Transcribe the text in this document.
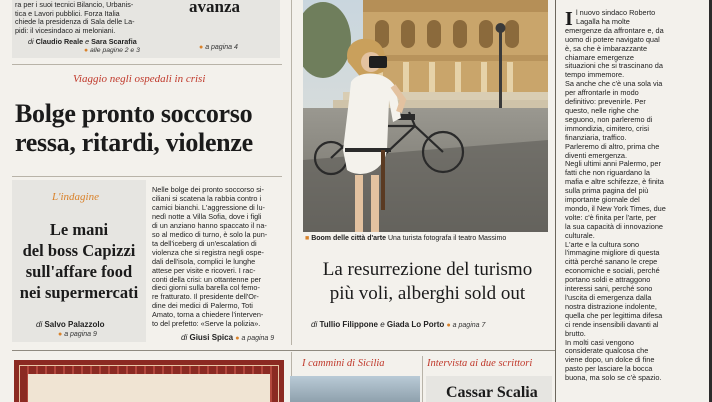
ra per i suoi tecnici Bilancio, Urbanis-
tica e Lavori pubblici. Forza Italia
chiede la presidenza di Sala delle La-
pidi: il vicesindaco ai meloniani.
di Claudio Reale e Sara Scarafia
● alle pagine 2 e 3
avanza
● a pagina 4
Viaggio negli ospedali in crisi
Bolge pronto soccorso
ressa, ritardi, violenze
L'indagine
Le mani
del boss Capizzi
sull'affare food
nei supermercati
di Salvo Palazzolo
● a pagina 9
Nelle bolge dei pronto soccorso si-
ciliani si scatena la rabbia contro i
camici bianchi. L'aggressione di lu-
nedì notte a Villa Sofia, dove i figli
di un anziano hanno spaccato il na-
so al medico di turno, è solo la pun-
ta dell'iceberg di un'escalation di
violenza che si registra negli ospe-
dali dell'isola, complici le lunghe
attese per visite e ricoveri. I rac-
conti della crisi: un ottantenne per
dieci giorni sulla barella col femo-
re fratturato. Il presidente dell'Or-
dine dei medici di Palermo, Toti
Amato, torna a chiedere l'interven-
to del prefetto: «Serve la polizia».
di Giusi Spica ● a pagina 9
■ Boom delle città d'arte Una turista fotografa il teatro Massimo
La resurrezione del turismo
più voli, alberghi sold out
di Tullio Filippone e Giada Lo Porto ● a pagina 7
I cammini di Sicilia	Intervista ai due scrittori
Cassar Scalia
I l nuovo sindaco Roberto
Lagalla ha molte
emergenze da affrontare e, da
uomo di potere navigato qual
è, sa che è imbarazzante
chiamare emergenze
situazioni che si trascinano da
tempo immemore.
Sa anche che c'è una sola via
per affrontarle in modo
definitivo: prevenirle. Per
questo, nelle righe che
seguono, non parleremo di
immondizia, cimitero, crisi
finanziaria, traffico.
Parleremo di altro, prima che
diventi emergenza.
Negli ultimi anni Palermo, per
fatti che non riguardano la
mafia e altre schifezze, è finita
sulla prima pagina del più
importante giornale del
mondo, il New York Times, due
volte: c'è finita per l'arte, per
la sua capacità di innovazione
culturale.
L'arte e la cultura sono
l'immagine migliore di questa
città perché sanano le crepe
economiche e sociali, perché
portano soldi e attraggono
interessi sani, perché sono
l'uscita di emergenza dalla
nostra distrazione indolente,
quella che per legittima difesa
ci rende insensibili davanti al
brutto.
In molti casi vengono
considerate qualcosa che
viene dopo, un dolce di fine
pasto per lasciare la bocca
buona, ma solo se c'è spazio.
